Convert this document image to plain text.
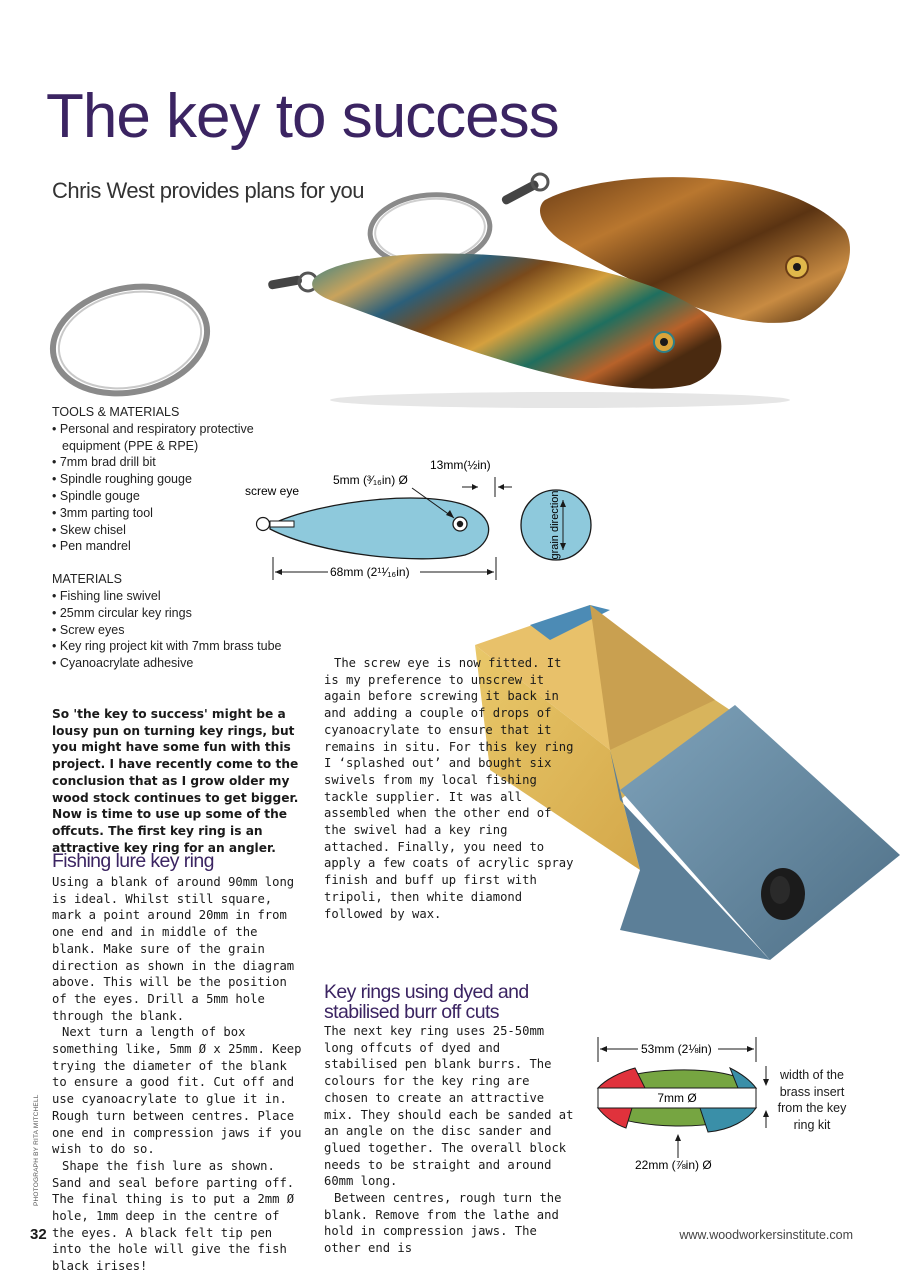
The key to success
Chris West provides plans for you

TOOLS & MATERIALS

• Personal and respiratory protective equipment (PPE & RPE)
• 7mm brad drill bit
• Spindle roughing gouge
• Spindle gouge
• 3mm parting tool
• Skew chisel
• Pen mandrel

MATERIALS

• Fishing line swivel
• 25mm circular key rings
• Screw eyes
• Key ring project kit with 7mm brass tube
• Cyanoacrylate adhesive
68mm (2¹¹⁄₁₆in)
5mm (³⁄₁₆in) Ø
13mm(½in)
screw eye	grain direction

So 'the key to success' might be a lousy pun on turning key rings, but you might have some fun with this project. I have recently come to the conclusion that as I grow older my wood stock continues to get bigger. Now is time to use up some of the offcuts. The first key ring is an attractive key ring for an angler.

Fishing lure key ring

Using a blank of around 90mm long is ideal. Whilst still square, mark a point around 20mm in from one end and in middle of the blank. Make sure of the grain direction as shown in the diagram above. This will be the position of the eyes. Drill a 5mm hole through the blank.

Next turn a length of box something like, 5mm Ø x 25mm. Keep trying the diameter of the blank to ensure a good fit. Cut off and use cyanoacrylate to glue it in. Rough turn between centres. Place one end in compression jaws if you wish to do so.

Shape the fish lure as shown. Sand and seal before parting off. The final thing is to put a 2mm Ø hole, 1mm deep in the centre of the eyes. A black felt tip pen into the hole will give the fish black irises!

The screw eye is now fitted. It is my preference to unscrew it again before screwing it back in and adding a couple of drops of cyanoacrylate to ensure that it remains in situ. For this key ring I ‘splashed out’ and bought six swivels from my local fishing tackle supplier. It was all assembled when the other end of the swivel had a key ring attached. Finally, you need to apply a few coats of acrylic spray finish and buff up first with tripoli, then white diamond followed by wax.

Key rings using dyed and stabilised burr off cuts

The next key ring uses 25-50mm long offcuts of dyed and stabilised pen blank burrs. The colours for the key ring are chosen to create an attractive mix. They should each be sanded at an angle on the disc sander and glued together. The overall block needs to be straight and around 60mm long.

Between centres, rough turn the blank. Remove from the lathe and hold in compression jaws. The other end is

53mm (2⅛in)
7mm Ø
22mm (⅞in) Ø
width of the brass insert from the key ring kit
PHOTOGRAPH BY RITA MITCHELL
32	www.woodworkersinstitute.com
